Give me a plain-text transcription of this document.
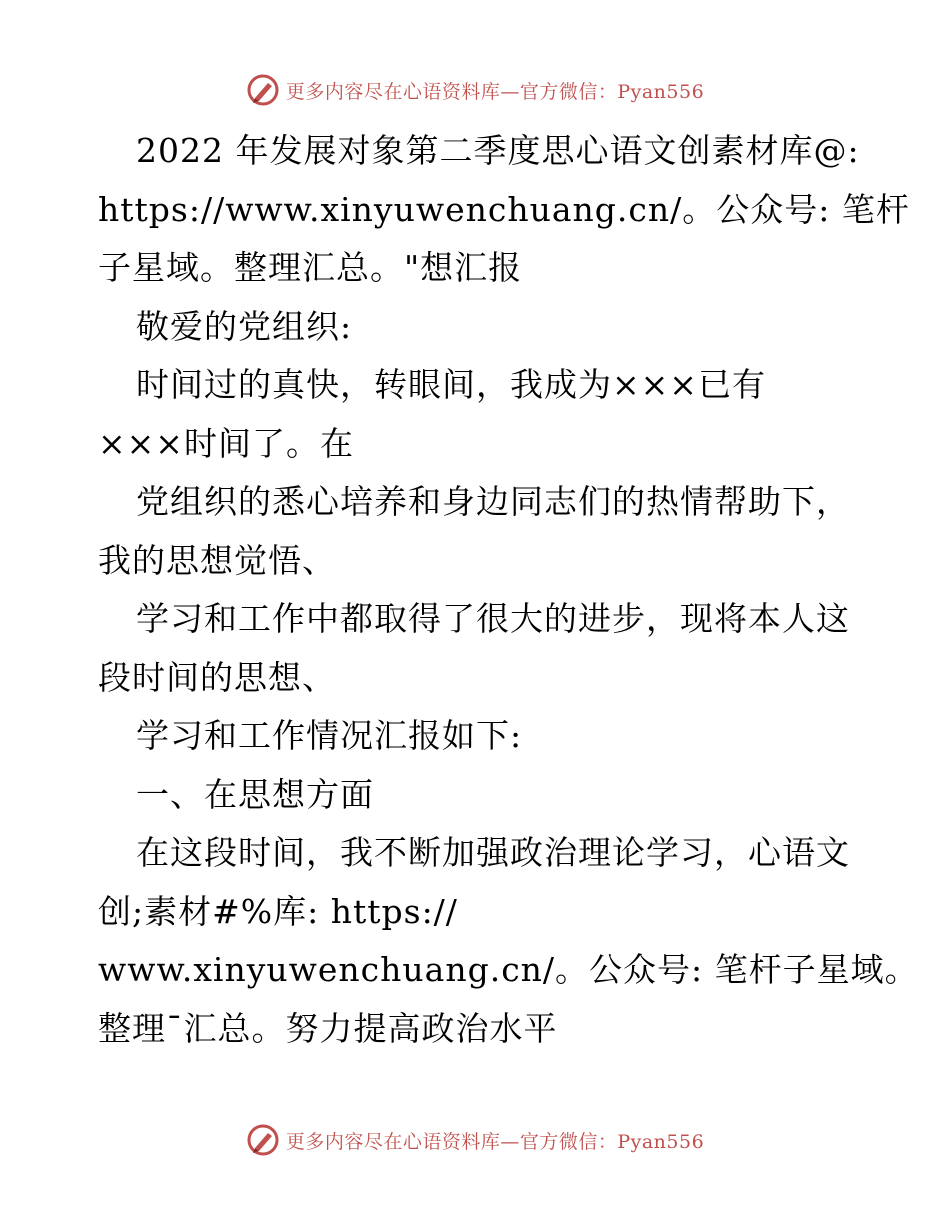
更多内容尽在心语资料库—官方微信：Pyan556
2022 年发展对象第二季度思心语文创素材库@:
https://www.xinyuwenchuang.cn/。公众号: 笔杆
子星域。整理汇总。"想汇报
敬爱的党组织:
时间过的真快，转眼间，我成为×××已有
×××时间了。在
党组织的悉心培养和身边同志们的热情帮助下，
我的思想觉悟、
学习和工作中都取得了很大的进步，现将本人这
段时间的思想、
学习和工作情况汇报如下:
一、在思想方面
在这段时间，我不断加强政治理论学习，心语文
创;素材#%库: https://
www.xinyuwenchuang.cn/。公众号: 笔杆子星域。
整理¯汇总。努力提高政治水平
更多内容尽在心语资料库—官方微信：Pyan556
